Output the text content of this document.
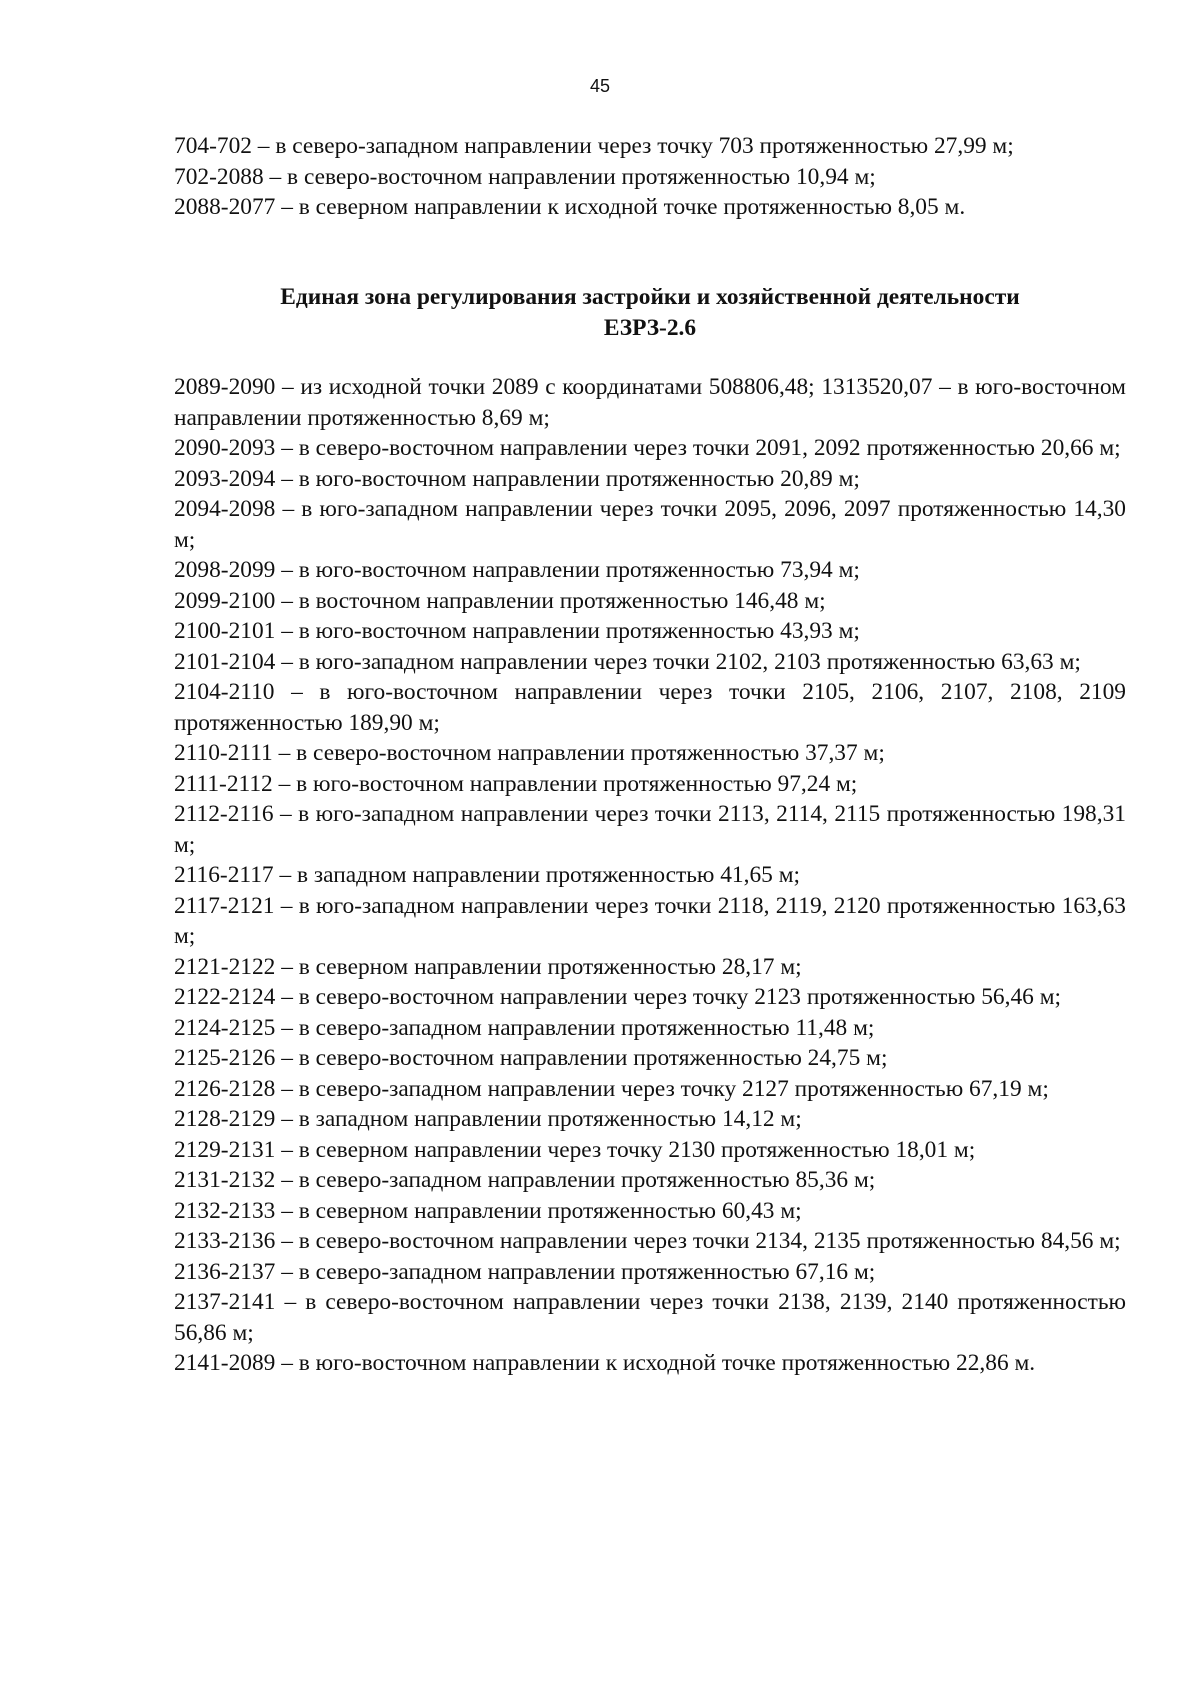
45

704-702 – в северо-западном направлении через точку 703 протяженностью 27,99 м;

702-2088 – в северо-восточном направлении протяженностью 10,94 м;

2088-2077 – в северном направлении к исходной точке протяженностью 8,05 м.

Единая зона регулирования застройки и хозяйственной деятельности
ЕЗРЗ-2.6

2089-2090 – из исходной точки 2089 с координатами 508806,48; 1313520,07 – в юго-восточном направлении протяженностью 8,69 м;

2090-2093 – в северо-восточном направлении через точки 2091, 2092 протяженностью 20,66 м;

2093-2094 – в юго-восточном направлении протяженностью 20,89 м;

2094-2098 – в юго-западном направлении через точки 2095, 2096, 2097 протяженностью 14,30 м;

2098-2099 – в юго-восточном направлении протяженностью 73,94 м;

2099-2100 – в восточном направлении протяженностью 146,48 м;

2100-2101 – в юго-восточном направлении протяженностью 43,93 м;

2101-2104 – в юго-западном направлении через точки 2102, 2103 протяженностью 63,63 м;

2104-2110 – в юго-восточном направлении через точки 2105, 2106, 2107, 2108, 2109 протяженностью 189,90 м;

2110-2111 – в северо-восточном направлении протяженностью 37,37 м;

2111-2112 – в юго-восточном направлении протяженностью 97,24 м;

2112-2116 – в юго-западном направлении через точки 2113, 2114, 2115 протяженностью 198,31 м;

2116-2117 – в западном направлении протяженностью 41,65 м;

2117-2121 – в юго-западном направлении через точки 2118, 2119, 2120 протяженностью 163,63 м;

2121-2122 – в северном направлении протяженностью 28,17 м;

2122-2124 – в северо-восточном направлении через точку 2123 протяженностью 56,46 м;

2124-2125 – в северо-западном направлении протяженностью 11,48 м;

2125-2126 – в северо-восточном направлении протяженностью 24,75 м;

2126-2128 – в северо-западном направлении через точку 2127 протяженностью 67,19 м;

2128-2129 – в западном направлении протяженностью 14,12 м;

2129-2131 – в северном направлении через точку 2130 протяженностью 18,01 м;

2131-2132 – в северо-западном направлении протяженностью 85,36 м;

2132-2133 – в северном направлении протяженностью 60,43 м;

2133-2136 – в северо-восточном направлении через точки 2134, 2135 протяженностью 84,56 м;

2136-2137 – в северо-западном направлении протяженностью 67,16 м;

2137-2141 – в северо-восточном направлении через точки 2138, 2139, 2140 протяженностью 56,86 м;

2141-2089 – в юго-восточном направлении к исходной точке протяженностью 22,86 м.
